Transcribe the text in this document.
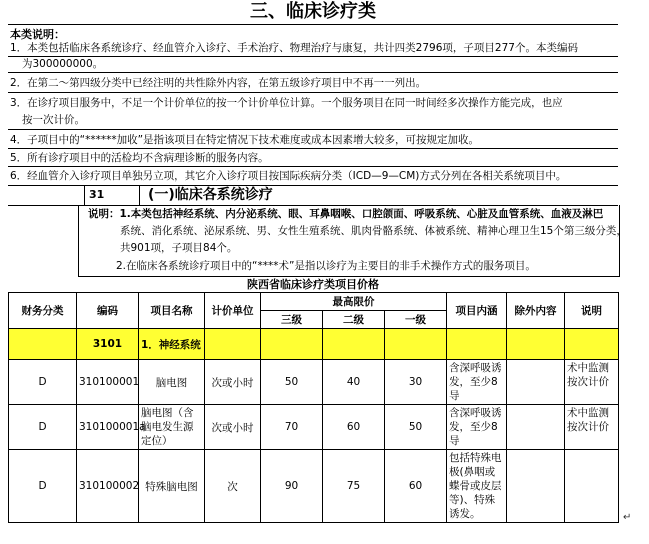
三、临床诊疗类
本类说明：
1．本类包括临床各系统诊疗、经血管介入诊疗、手术治疗、物理治疗与康复，共计四类2796项，子项目277个。本类编码
为300000000。
2．在第二～第四级分类中已经注明的共性除外内容，在第五级诊疗项目中不再一一列出。
3．在诊疗项目服务中，不足一个计价单位的按一个计价单位计算。一个服务项目在同一时间经多次操作方能完成，也应
按一次计价。
4．子项目中的“******加收”是指该项目在特定情况下技术难度或成本因素增大较多，可按规定加收。
5．所有诊疗项目中的活检均不含病理诊断的服务内容。
6．经血管介入诊疗项目单独另立项，其它介入诊疗项目按国际疾病分类（ICD—9—CM)方式分列在各相关系统项目中。
31	(一)临床各系统诊疗
说明：1.本类包括神经系统、内分泌系统、眼、耳鼻咽喉、口腔颌面、呼吸系统、心脏及血管系统、血液及淋巴
系统、消化系统、泌尿系统、男、女性生殖系统、肌肉骨骼系统、体被系统、精神心理卫生15个第三级分类，
共901项，子项目84个。
2.在临床各系统诊疗项目中的“****术”是指以诊疗为主要目的非手术操作方式的服务项目。
陕西省临床诊疗类项目价格
财务分类	编码	项目名称	计价单位	最高限价			项目内涵	除外内容	说明
				三级	二级	一级			
	3101	1．神经系统							
D	310100001	脑电图	次或小时	50	40	30	含深呼吸诱发，至少8导		术中监测按次计价
D	310100001a	脑电图（含脑电发生源定位）	次或小时	70	60	50	含深呼吸诱发，至少8导		术中监测按次计价
D	310100002	特殊脑电图	次	90	75	60	包括特殊电极(鼻咽或蝶骨或皮层等)、特殊诱发。			↵
